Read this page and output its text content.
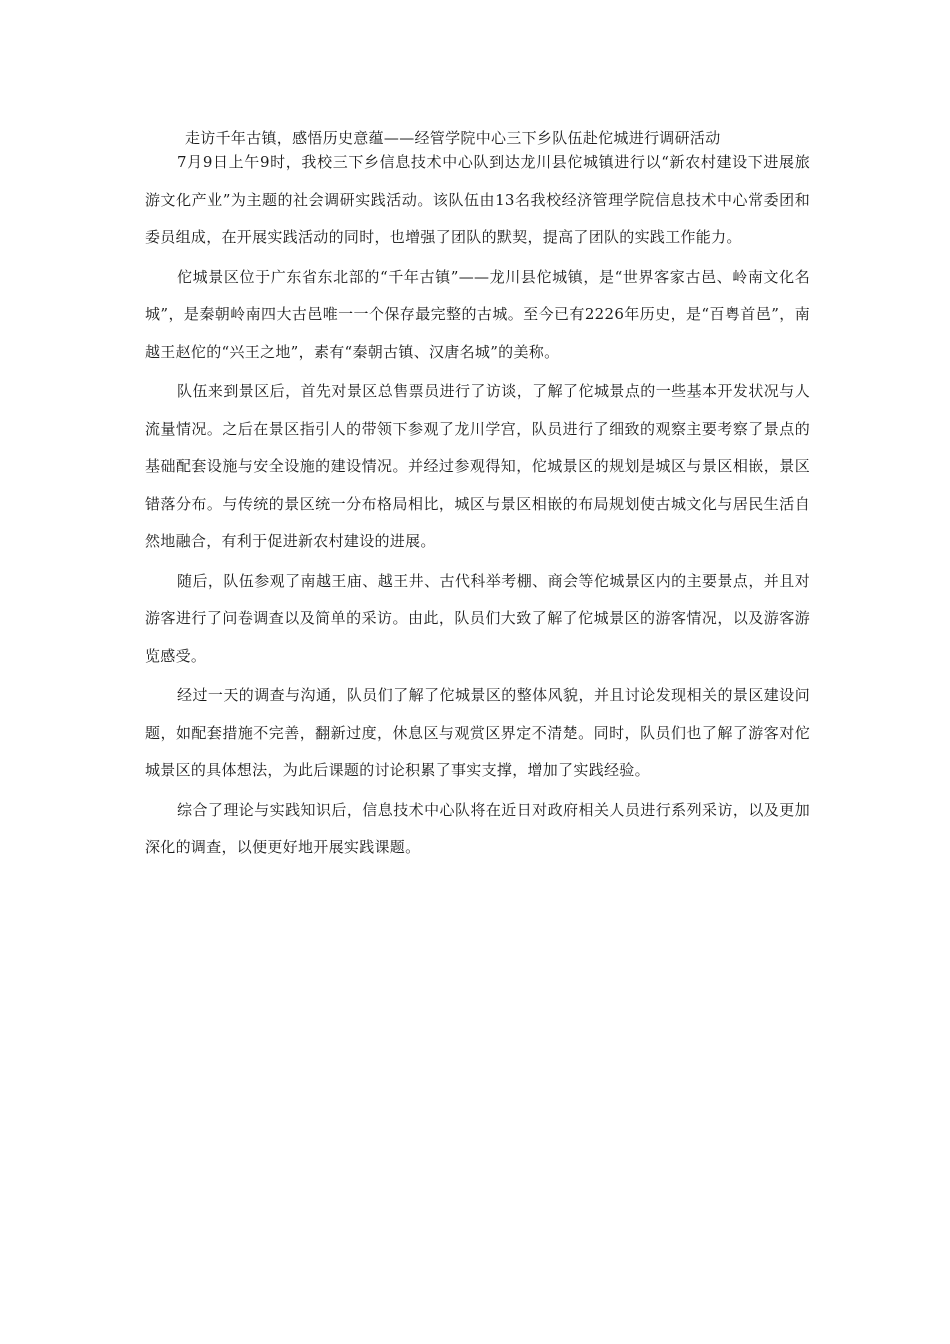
走访千年古镇，感悟历史意蕴——经管学院中心三下乡队伍赴佗城进行调研活动

7月9日上午9时，我校三下乡信息技术中心队到达龙川县佗城镇进行以“新农村建设下进展旅游文化产业”为主题的社会调研实践活动。该队伍由13名我校经济管理学院信息技术中心常委团和委员组成，在开展实践活动的同时，也增强了团队的默契，提高了团队的实践工作能力。

佗城景区位于广东省东北部的“千年古镇”——龙川县佗城镇，是“世界客家古邑、岭南文化名城”，是秦朝岭南四大古邑唯一一个保存最完整的古城。至今已有2226年历史，是“百粤首邑”，南越王赵佗的“兴王之地”，素有“秦朝古镇、汉唐名城”的美称。

队伍来到景区后，首先对景区总售票员进行了访谈，了解了佗城景点的一些基本开发状况与人流量情况。之后在景区指引人的带领下参观了龙川学宫，队员进行了细致的观察主要考察了景点的基础配套设施与安全设施的建设情况。并经过参观得知，佗城景区的规划是城区与景区相嵌，景区错落分布。与传统的景区统一分布格局相比，城区与景区相嵌的布局规划使古城文化与居民生活自然地融合，有利于促进新农村建设的进展。

随后，队伍参观了南越王庙、越王井、古代科举考棚、商会等佗城景区内的主要景点，并且对游客进行了问卷调查以及简单的采访。由此，队员们大致了解了佗城景区的游客情况，以及游客游览感受。

经过一天的调查与沟通，队员们了解了佗城景区的整体风貌，并且讨论发现相关的景区建设问题，如配套措施不完善，翻新过度，休息区与观赏区界定不清楚。同时，队员们也了解了游客对佗城景区的具体想法，为此后课题的讨论积累了事实支撑，增加了实践经验。

综合了理论与实践知识后，信息技术中心队将在近日对政府相关人员进行系列采访，以及更加深化的调查，以便更好地开展实践课题。
